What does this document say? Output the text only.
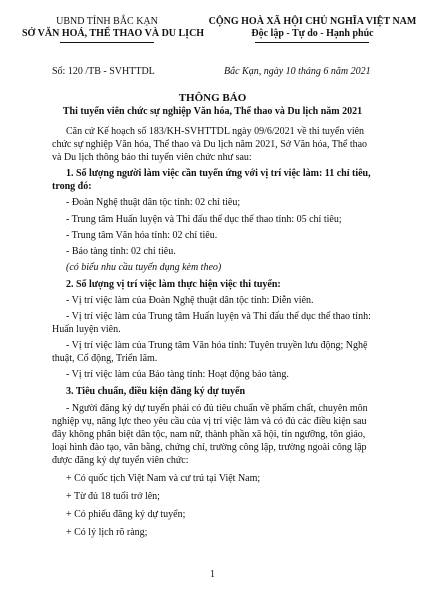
UBND TỈNH BẮC KẠN
SỞ VĂN HOÁ, THỂ THAO VÀ DU LỊCH
CỘNG HOÀ XÃ HỘI CHỦ NGHĨA VIỆT NAM
Độc lập - Tự do - Hạnh phúc
Số: 120 /TB - SVHTTDL	Bắc Kạn, ngày 10 tháng 6 năm 2021
THÔNG BÁO
Thi tuyển viên chức sự nghiệp Văn hóa, Thể thao và Du lịch năm 2021
Căn cứ Kế hoạch số 183/KH-SVHTTDL ngày 09/6/2021 về thi tuyển viên
chức sự nghiệp Văn hóa, Thể thao và Du lịch năm 2021, Sở Văn hóa, Thể thao
và Du lịch thông báo thi tuyển viên chức như sau:
1. Số lượng người làm việc cần tuyển ứng với vị trí việc làm: 11 chỉ tiêu,
trong đó:
- Đoàn Nghệ thuật dân tộc tỉnh: 02 chỉ tiêu;
- Trung tâm Huấn luyện và Thi đấu thể dục thể thao tỉnh: 05 chỉ tiêu;
- Trung tâm Văn hóa tỉnh: 02 chỉ tiêu.
- Bảo tàng tỉnh: 02 chỉ tiêu.
(có biểu nhu cầu tuyển dụng kèm theo)
2. Số lượng vị trí việc làm thực hiện việc thi tuyển:
- Vị trí việc làm của Đoàn Nghệ thuật dân tộc tỉnh: Diễn viên.
- Vị trí việc làm của Trung tâm Huấn luyện và Thi đấu thể dục thể thao tỉnh:
Huấn luyện viên.
- Vị trí việc làm của Trung tâm Văn hóa tỉnh: Tuyên truyền lưu động; Nghệ
thuật, Cổ động, Triển lãm.
- Vị trí việc làm của Bảo tàng tỉnh: Hoạt động bảo tàng.
3. Tiêu chuẩn, điều kiện đăng ký dự tuyển
- Người đăng ký dự tuyển phải có đủ tiêu chuẩn về phẩm chất, chuyên môn
nghiệp vụ, năng lực theo yêu cầu của vị trí việc làm và có đủ các điều kiện sau
đây không phân biệt dân tộc, nam nữ, thành phần xã hội, tín ngưỡng, tôn giáo,
loại hình đào tạo, văn bằng, chứng chỉ, trường công lập, trường ngoài công lập
được đăng ký dự tuyển viên chức:
+ Có quốc tịch Việt Nam và cư trú tại Việt Nam;
+ Từ đủ 18 tuổi trở lên;
+ Có phiếu đăng ký dự tuyển;
+ Có lý lịch rõ ràng;
1
